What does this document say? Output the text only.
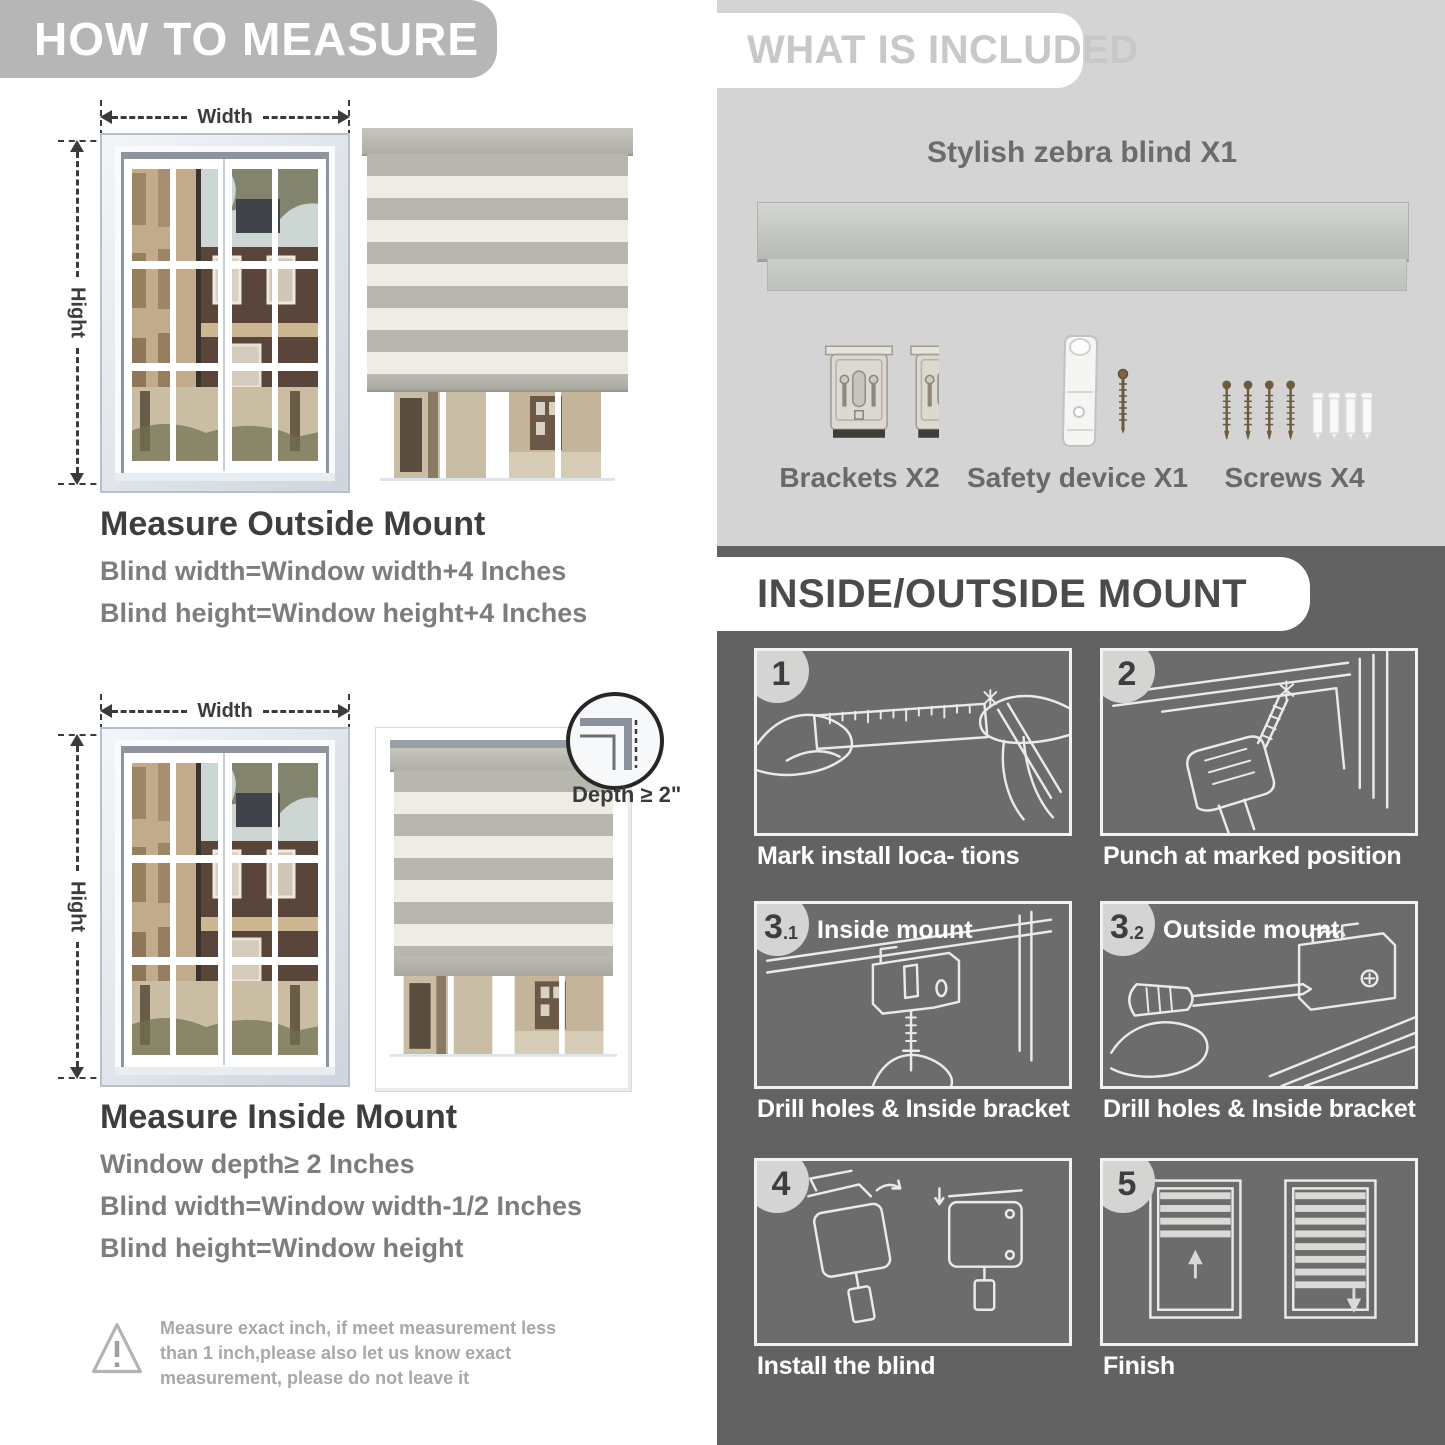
HOW TO MEASURE
Width
Hight
Measure Outside Mount

Blind width=Window width+4 Inches

Blind height=Window height+4 Inches

Width
Hight
Depth ≥ 2"
Measure Inside Mount

Window depth≥ 2 Inches

Blind width=Window width-1/2 Inches

Blind height=Window height

Measure exact inch, if meet measurement less than 1 inch,please also let us know exact measurement, please do not leave it

WHAT IS INCLUDED
Stylish zebra blind X1
Brackets X2 Safety device X1	Screws X4
INSIDE/OUTSIDE MOUNT
1	2
Mark install loca- tions	Punch at marked position
3 .1 Inside mount	3 .2 Outside mount
Drill holes & Inside bracket Drill holes & Inside bracket
4	5
Install the blind	Finish
